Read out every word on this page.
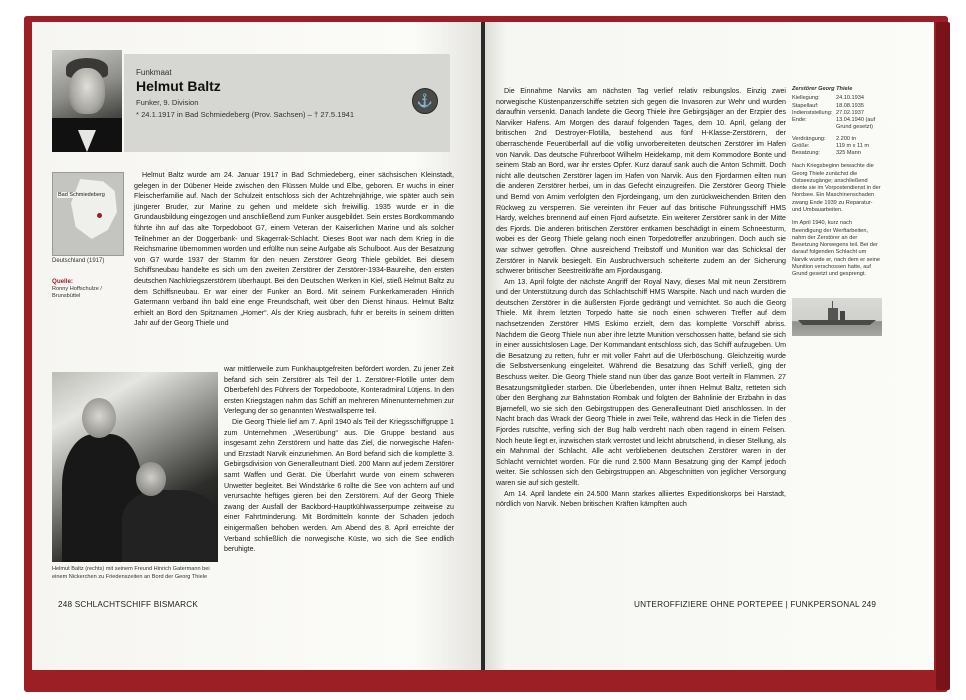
Funkmaat
Helmut Baltz
Funker, 9. Division
* 24.1.1917 in Bad Schmiedeberg (Prov. Sachsen) – † 27.5.1941
⚓
Bad Schmiedeberg
Deutschland (1917)
Quelle:
Ronny Hoffschulze / Brunsbüttel
Helmut Baltz (rechts) mit seinem Freund Hinrich Gatermann bei einem Nickerchen zu Friedenszeiten an Bord der Georg Thiele

Helmut Baltz wurde am 24. Januar 1917 in Bad Schmiedeberg, einer sächsischen Kleinstadt, gelegen in der Dübener Heide zwischen den Flüssen Mulde und Elbe, geboren. Er wuchs in einer Fleischerfamilie auf. Nach der Schulzeit entschloss sich der Achtzehnjährige, wie später auch sein jüngerer Bruder, zur Marine zu gehen und meldete sich freiwillig. 1935 wurde er in die Grundausbildung eingezogen und anschließend zum Funker ausgebildet. Sein erstes Bordkommando führte ihn auf das alte Torpedoboot G7, einem Veteran der Kaiserlichen Marine und als solcher Teilnehmer an der Doggerbank- und Skagerrak-Schlacht. Dieses Boot war nach dem Krieg in die Reichsmarine übernommen worden und erfüllte nun seine Aufgabe als Schulboot. Aus der Besatzung von G7 wurde 1937 der Stamm für den neuen Zerstörer Georg Thiele gebildet. Bei diesem Schiffsneubau handelte es sich um den zweiten Zerstörer der Zerstörer-1934-Baureihe, den ersten deutschen Nachkriegszerstörern überhaupt. Bei den Deutschen Werken in Kiel, stieß Helmut Baltz zu dem Schiffsneubau. Er war einer der Funker an Bord. Mit seinem Funkerkameraden Hinrich Gatermann verband ihn bald eine enge Freundschaft, weit über den Dienst hinaus. Helmut Baltz erhielt an Bord den Spitznamen „Homer“. Als der Krieg ausbrach, fuhr er bereits in seinem dritten Jahr auf der Georg Thiele und

war mittlerweile zum Funkhauptgefreiten befördert worden. Zu jener Zeit befand sich sein Zerstörer als Teil der 1. Zerstörer-Flotille unter dem Oberbefehl des Führers der Torpedoboote, Konteradmiral Lütjens. In den ersten Kriegstagen nahm das Schiff an mehreren Minenunternehmen zur Verlegung der so genannten Westwallsperre teil.

Die Georg Thiele lief am 7. April 1940 als Teil der Kriegsschiffgruppe 1 zum Unternehmen „Weserübung“ aus. Die Gruppe bestand aus insgesamt zehn Zerstörern und hatte das Ziel, die norwegische Hafen- und Erzstadt Narvik einzunehmen. An Bord befand sich die komplette 3. Gebirgsdivision von Generalleutnant Dietl. 200 Mann auf jedem Zerstörer samt Waffen und Gerät. Die Überfahrt wurde von einem schweren Unwetter begleitet. Bei Windstärke 6 rollte die See von achtern auf und verursachte heftiges gieren bei den Zerstörern. Auf der Georg Thiele zwang der Ausfall der Backbord-Hauptkühlwasserpumpe zeitweise zu einer Fahrtminderung. Mit Bordmitteln konnte der Schaden jedoch einigermaßen behoben werden. Am Abend des 8. April erreichte der Verband schließlich die norwegische Küste, wo sich die See endlich beruhigte.

248 SCHLACHTSCHIFF BISMARCK

Die Einnahme Narviks am nächsten Tag verlief relativ reibungslos. Einzig zwei norwegische Küstenpanzerschiffe setzten sich gegen die Invasoren zur Wehr und wurden daraufhin versenkt. Danach landete die Georg Thiele ihre Gebirgsjäger an der Erzpier des Narviker Hafens. Am Morgen des darauf folgenden Tages, dem 10. April, gelang der britischen 2nd Destroyer-Flotilla, bestehend aus fünf H-Klasse-Zerstörern, der überraschende Feuerüberfall auf die völlig unvorbereiteten deutschen Zerstörer im Hafen von Narvik. Das deutsche Führerboot Wilhelm Heidekamp, mit dem Kommodore Bonte und seinem Stab an Bord, war ihr erstes Opfer. Kurz darauf sank auch die Anton Schmitt. Doch nicht alle deutschen Zerstörer lagen im Hafen von Narvik. Aus den Fjordarmen eilten nun die anderen Zerstörer herbei, um in das Gefecht einzugreifen. Die Zerstörer Georg Thiele und Bernd von Arnim verfolgten den Fjordeingang, um den zurückweichenden Briten den Rückweg zu versperren. Sie vereinten ihr Feuer auf das britische Führungsschiff HMS Hardy, welches brennend auf einen Fjord aufsetzte. Ein weiterer Zerstörer sank in der Mitte des Fjords. Die anderen britischen Zerstörer entkamen beschädigt in einem Schneesturm, wobei es der Georg Thiele gelang noch einen Torpedotreffer anzubringen. Doch auch sie war schwer getroffen. Ohne ausreichend Treibstoff und Munition war das Schicksal der Zerstörer in Narvik besiegelt. Ein Ausbruchversuch scheiterte zudem an der Sicherung schwerer britischer Seestreitkräfte am Fjordausgang.

Am 13. April folgte der nächste Angriff der Royal Navy, dieses Mal mit neun Zerstörern und der Unterstützung durch das Schlachtschiff HMS Warspite. Nach und nach wurden die deutschen Zerstörer in die äußersten Fjorde gedrängt und vernichtet. So auch die Georg Thiele. Mit ihrem letzten Torpedo hatte sie noch einen schweren Treffer auf dem nachsetzenden Zerstörer HMS Eskimo erzielt, dem das komplette Vorschiff abriss. Nachdem die Georg Thiele nun aber ihre letzte Munition verschossen hatte, befand sie sich in einer aussichtslosen Lage. Der Kommandant entschloss sich, das Schiff aufzugeben. Um die Besatzung zu retten, fuhr er mit voller Fahrt auf die Uferböschung. Gleichzeitig wurde die Selbstversenkung eingeleitet. Während die Besatzung das Schiff verließ, ging der Beschuss weiter. Die Georg Thiele stand nun über das ganze Boot verteilt in Flammen. 27 Besatzungsmitglieder starben. Die Überlebenden, unter ihnen Helmut Baltz, retteten sich über den Berghang zur Bahnstation Rombak und folgten der Bahnlinie der Erzbahn in das Bjørnefell, wo sie sich den Gebirgstruppen des Generalleutnant Dietl anschlossen. In der Nacht brach das Wrack der Georg Thiele in zwei Teile, während das Heck in die Tiefen des Fjordes rutschte, verfing sich der Bug halb verdreht nach oben ragend in einem Felsen. Noch heute liegt er, inzwischen stark verrostet und leicht abrutschend, in dieser Stellung, als ein Mahnmal der Schlacht. Alle acht verbliebenen deutschen Zerstörer waren in der Schlacht vernichtet worden. Für die rund 2.500 Mann Besatzung ging der Kampf jedoch weiter. Sie schlossen sich den Gebirgstruppen an. Abgeschnitten von jeglicher Versorgung waren sie auf sich gestellt.

Am 14. April landete ein 24.500 Mann starkes alliiertes Expeditionskorps bei Harstadt, nördlich von Narvik. Neben britischen Kräften kämpften auch

Zerstörer Georg Thiele
Kiellegung:	24.10.1934
Stapellauf:	18.08.1935
Indienststellung:	27.02.1937
Ende:	13.04.1940 (auf Grund gesetzt)

Verdrängung:	2.200 tn
Größe:	119 m x 11 m
Besatzung:	325 Mann

Nach Kriegsbeginn bewachte die Georg Thiele zunächst die Ostseezugänge; anschließend diente sie im Vorpostendienst in der Nordsee. Ein Maschinenschaden zwang Ende 1939 zu Reparatur- und Umbauarbeiten.

Im April 1940, kurz nach Beendigung der Werftarbeiten, nahm der Zerstörer an der Besetzung Norwegens teil. Bei der darauf folgenden Schlacht um Narvik wurde er, nach dem er seine Munition verschossen hatte, auf Grund gesetzt und gesprengt.

UNTEROFFIZIERE OHNE PORTEPEE | FUNKPERSONAL 249
